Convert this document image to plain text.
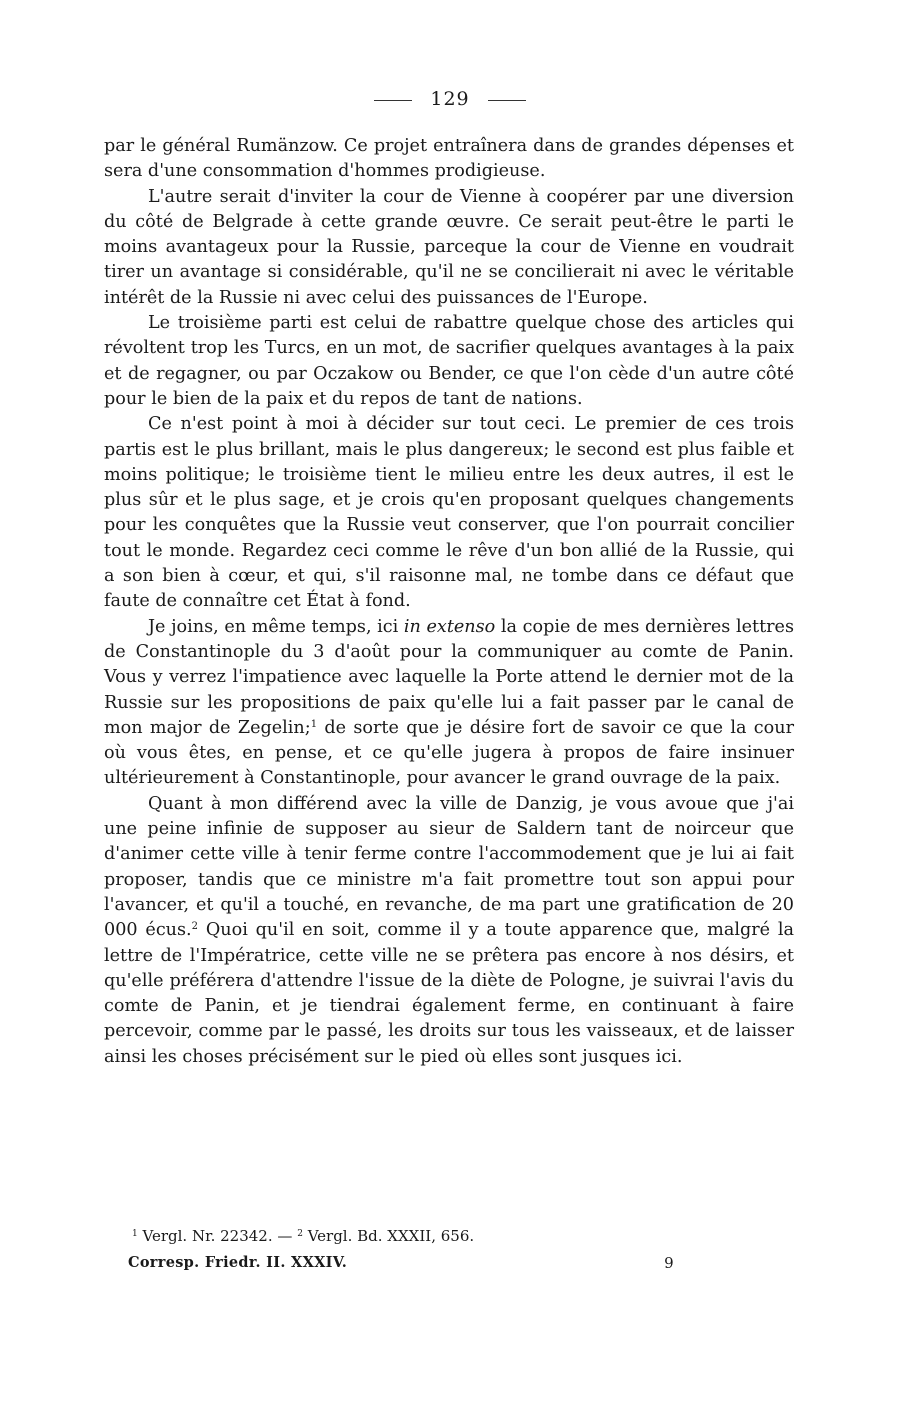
129

par le général Rumänzow. Ce projet entraînera dans de grandes dépenses et sera d'une consommation d'hommes prodigieuse.

L'autre serait d'inviter la cour de Vienne à coopérer par une diversion du côté de Belgrade à cette grande œuvre. Ce serait peut-être le parti le moins avantageux pour la Russie, parceque la cour de Vienne en voudrait tirer un avantage si considérable, qu'il ne se concilierait ni avec le véritable intérêt de la Russie ni avec celui des puissances de l'Europe.

Le troisième parti est celui de rabattre quelque chose des articles qui révoltent trop les Turcs, en un mot, de sacrifier quelques avantages à la paix et de regagner, ou par Oczakow ou Bender, ce que l'on cède d'un autre côté pour le bien de la paix et du repos de tant de nations.

Ce n'est point à moi à décider sur tout ceci. Le premier de ces trois partis est le plus brillant, mais le plus dangereux; le second est plus faible et moins politique; le troisième tient le milieu entre les deux autres, il est le plus sûr et le plus sage, et je crois qu'en proposant quelques changements pour les conquêtes que la Russie veut conserver, que l'on pourrait concilier tout le monde. Regardez ceci comme le rêve d'un bon allié de la Russie, qui a son bien à cœur, et qui, s'il raisonne mal, ne tombe dans ce défaut que faute de connaître cet État à fond.

Je joins, en même temps, ici in extenso la copie de mes dernières lettres de Constantinople du 3 d'août pour la communiquer au comte de Panin. Vous y verrez l'impatience avec laquelle la Porte attend le dernier mot de la Russie sur les propositions de paix qu'elle lui a fait passer par le canal de mon major de Zegelin;$^1$ de sorte que je désire fort de savoir ce que la cour où vous êtes, en pense, et ce qu'elle jugera à propos de faire insinuer ultérieurement à Constantinople, pour avancer le grand ouvrage de la paix.

Quant à mon différend avec la ville de Danzig, je vous avoue que j'ai une peine infinie de supposer au sieur de Saldern tant de noirceur que d'animer cette ville à tenir ferme contre l'accommodement que je lui ai fait proposer, tandis que ce ministre m'a fait promettre tout son appui pour l'avancer, et qu'il a touché, en revanche, de ma part une gratification de 20 000 écus.$^2$ Quoi qu'il en soit, comme il y a toute apparence que, malgré la lettre de l'Impératrice, cette ville ne se prêtera pas encore à nos désirs, et qu'elle préférera d'attendre l'issue de la diète de Pologne, je suivrai l'avis du comte de Panin, et je tiendrai également ferme, en continuant à faire percevoir, comme par le passé, les droits sur tous les vaisseaux, et de laisser ainsi les choses précisément sur le pied où elles sont jusques ici.

$^1$ Vergl. Nr. 22342. — $^2$ Vergl. Bd. XXXII, 656.
Corresp. Friedr. II. XXXIV.	9
